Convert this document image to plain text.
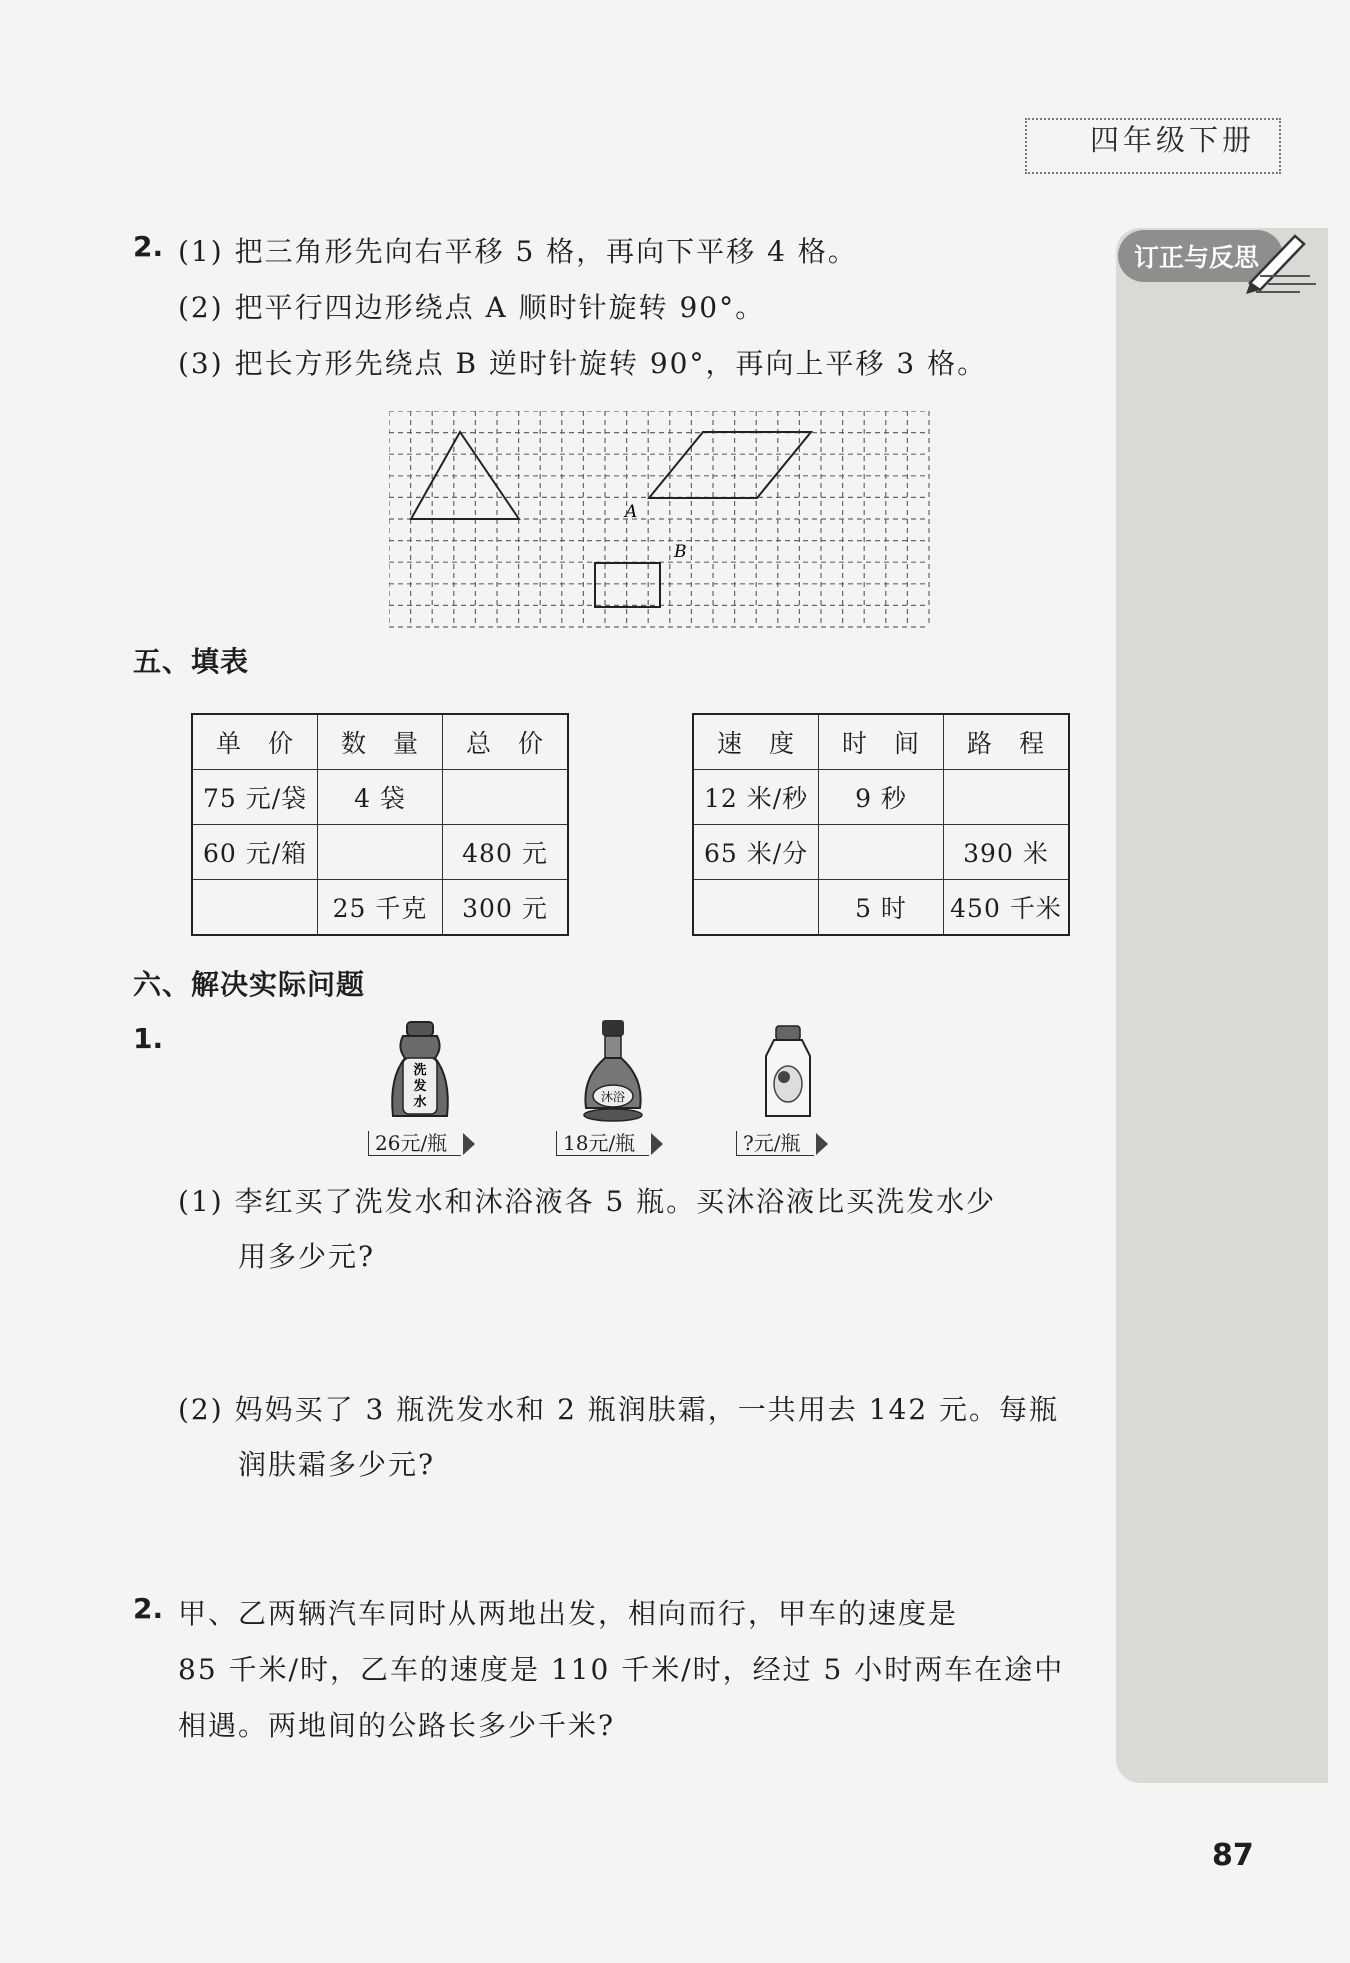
四年级下册
订正与反思
2. (1) 把三角形先向右平移 5 格，再向下平移 4 格。
(2) 把平行四边形绕点 A 顺时针旋转 90°。
(3) 把长方形先绕点 B 逆时针旋转 90°，再向上平移 3 格。
A
B
五、填表
单　价	数　量	总　价
75 元/袋	4 袋	
60 元/箱		480 元
	25 千克	300 元
速　度	时　间	路　程
12 米/秒	9 秒	
65 米/分		390 米
	5 时	450 千米
六、解决实际问题
1.
洗
发
水	沐浴
26元/瓶	18元/瓶	?元/瓶
(1) 李红买了洗发水和沐浴液各 5 瓶。买沐浴液比买洗发水少
用多少元?
(2) 妈妈买了 3 瓶洗发水和 2 瓶润肤霜，一共用去 142 元。每瓶
润肤霜多少元?
2. 甲、乙两辆汽车同时从两地出发，相向而行，甲车的速度是
85 千米/时，乙车的速度是 110 千米/时，经过 5 小时两车在途中
相遇。两地间的公路长多少千米?
87
